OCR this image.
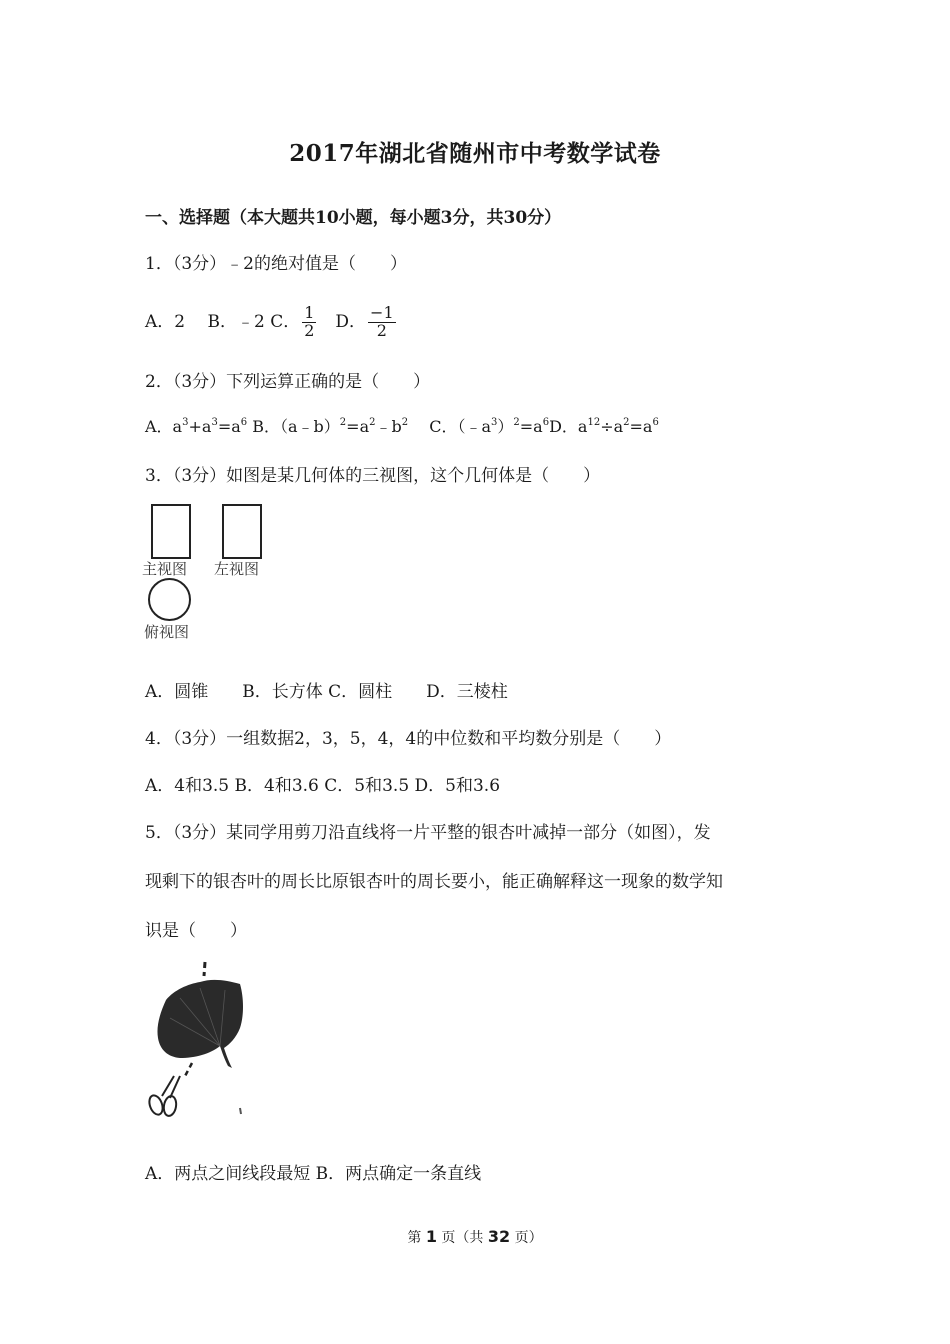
2017年湖北省随州市中考数学试卷
一、选择题（本大题共10小题，每小题3分，共30分）
1．（3分）﹣2的绝对值是（　　）
A．2　 B．﹣2 C． $\frac{1}{2}$ 　D． $\frac{-1}{2}$
2．（3分）下列运算正确的是（　　）
A．$a^3+a^3=a^6$ B．$(a﹣b)^2=a^2﹣b^2$　 C．$(﹣a^3)^2=a^6D$．$a^{12}\div a^2=a^6$
3．（3分）如图是某几何体的三视图，这个几何体是（　　）
主视图 左视图
俯视图
A．圆锥　　B．长方体 C．圆柱　　D．三棱柱
4．（3分）一组数据2，3，5，4，4的中位数和平均数分别是（　　）
A．4和3.5 B．4和3.6 C．5和3.5 D．5和3.6
5．（3分）某同学用剪刀沿直线将一片平整的银杏叶减掉一部分（如图），发
现剩下的银杏叶的周长比原银杏叶的周长要小，能正确解释这一现象的数学知
识是（　　）
A．两点之间线段最短 B．两点确定一条直线
第 1 页（共 32 页）
